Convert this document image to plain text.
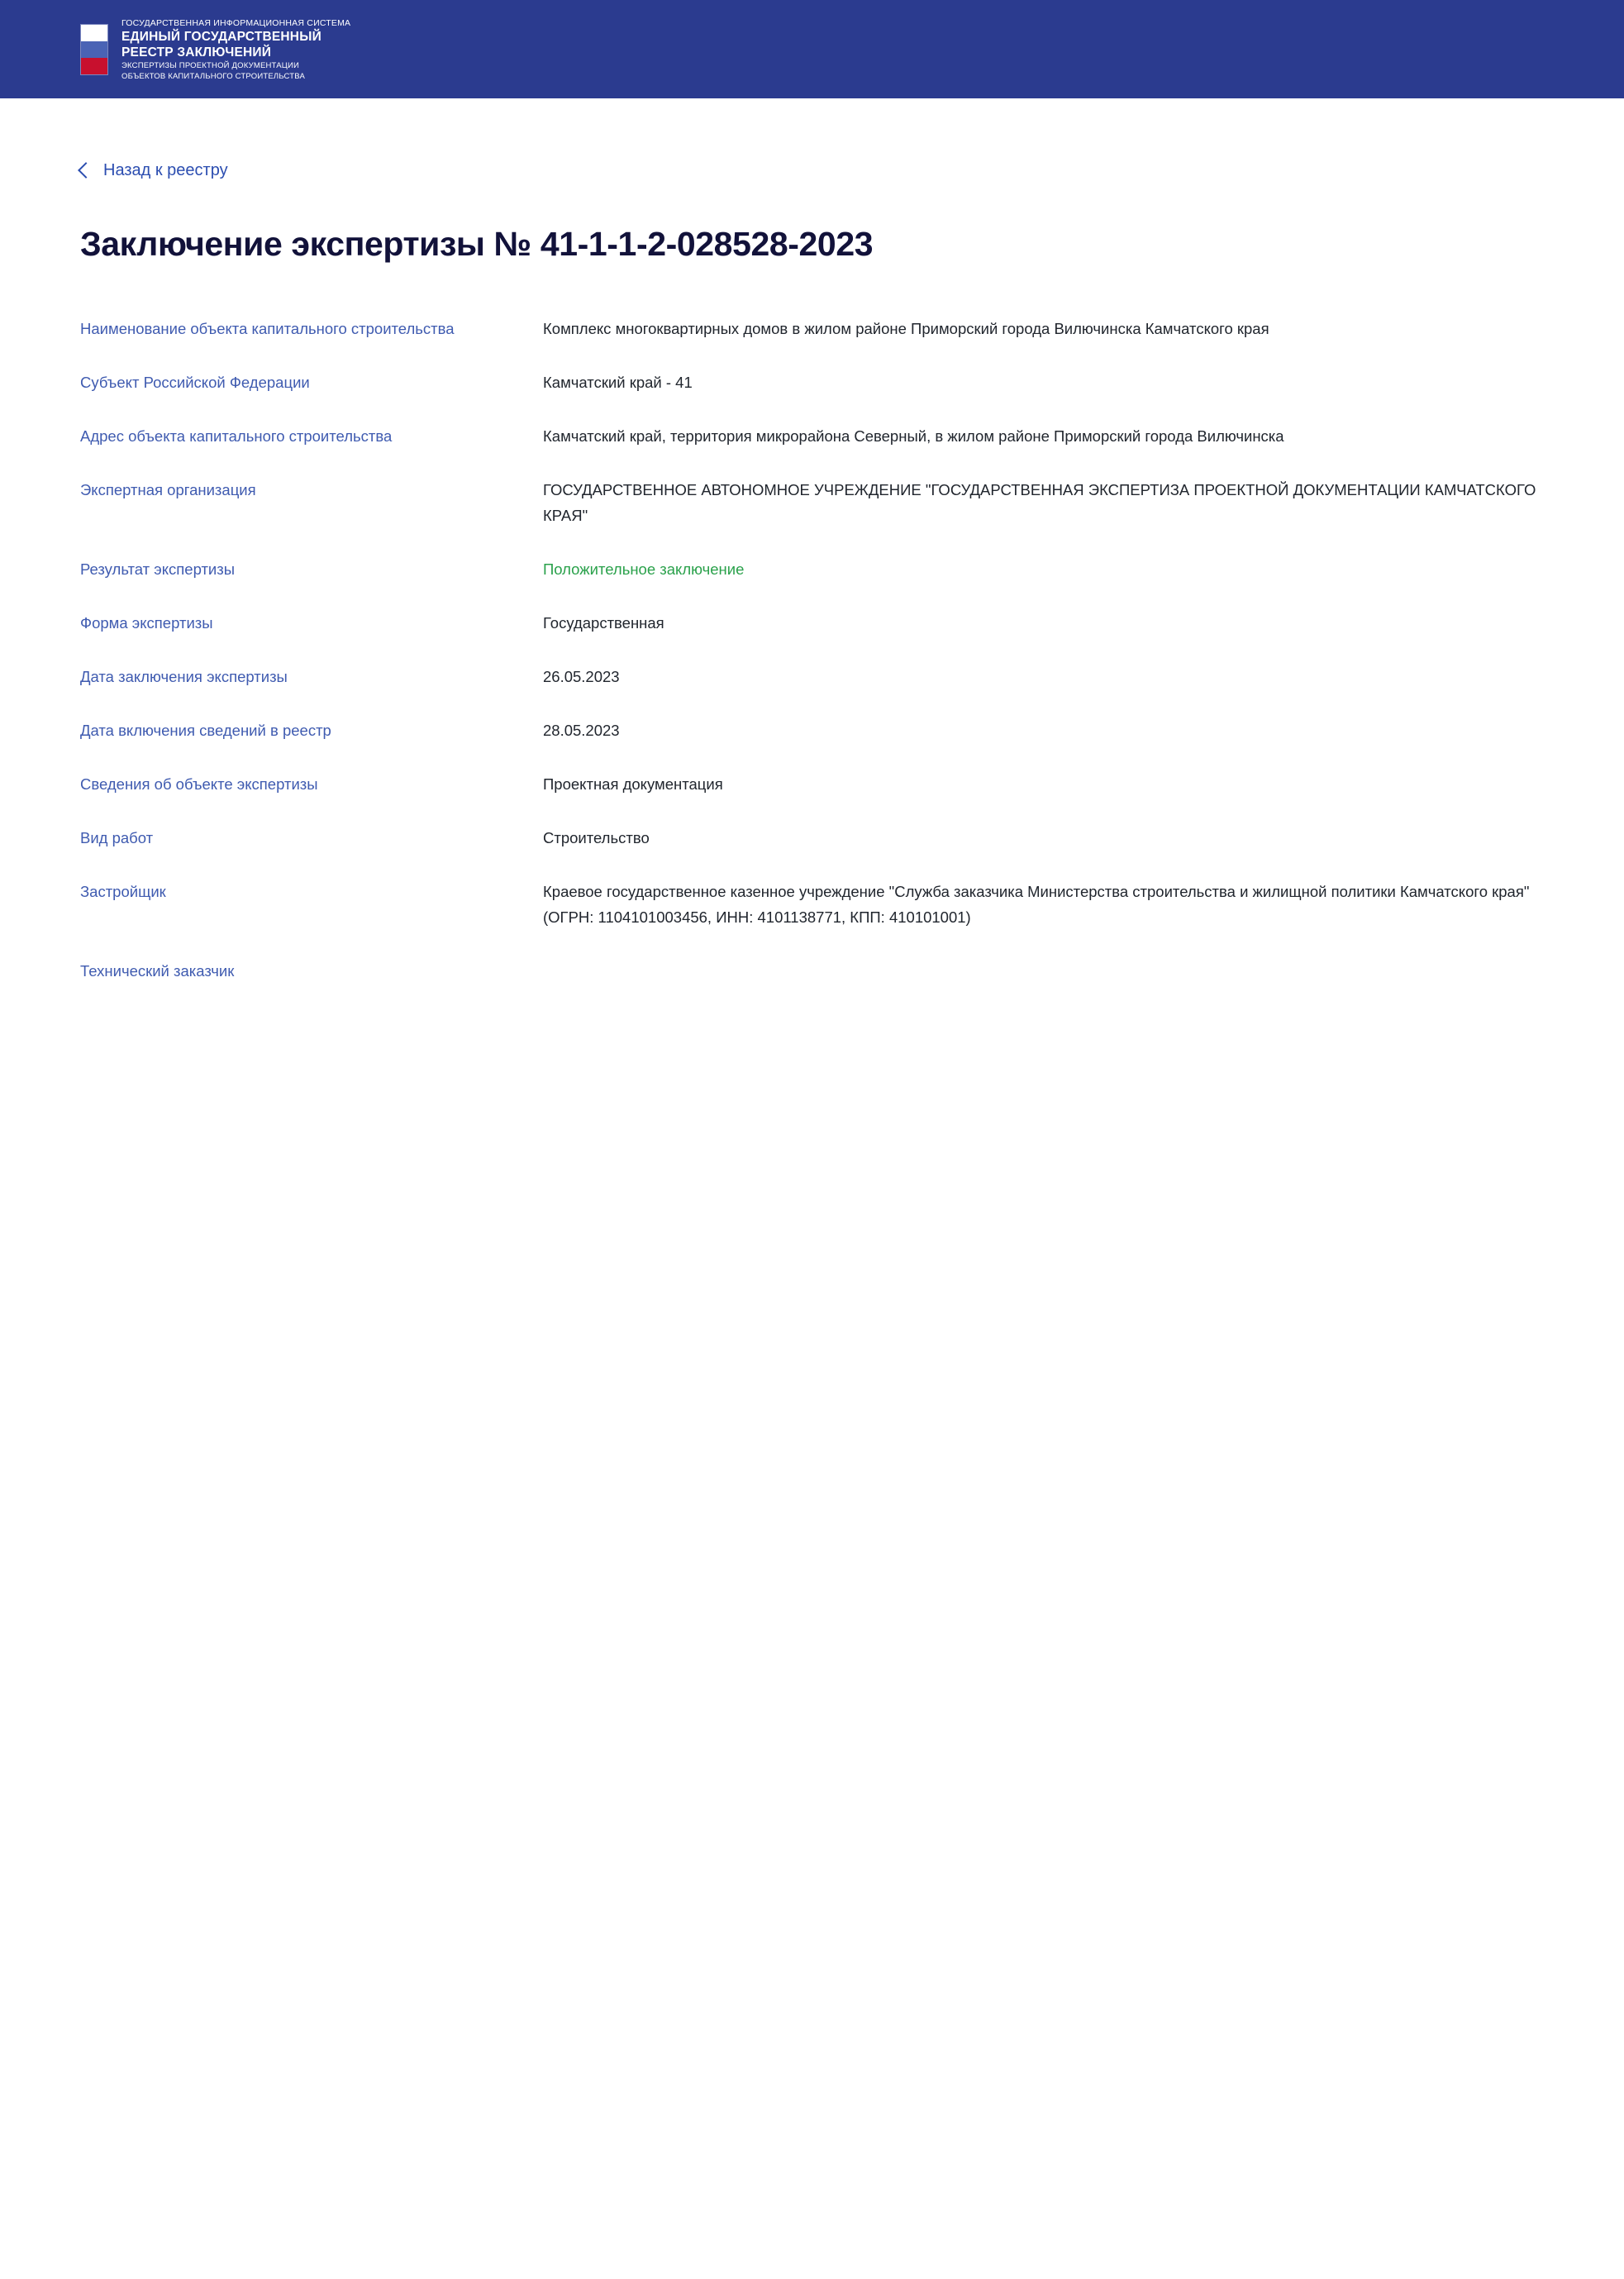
ГОСУДАРСТВЕННАЯ ИНФОРМАЦИОННАЯ СИСТЕМА
ЕДИНЫЙ ГОСУДАРСТВЕННЫЙ
РЕЕСТР ЗАКЛЮЧЕНИЙ
ЭКСПЕРТИЗЫ ПРОЕКТНОЙ ДОКУМЕНТАЦИИ
ОБЪЕКТОВ КАПИТАЛЬНОГО СТРОИТЕЛЬСТВА
Назад к реестру
Заключение экспертизы № 41-1-1-2-028528-2023
Наименование объекта капитального строительства	Комплекс многоквартирных домов в жилом районе Приморский города Вилючинска Камчатского края
Субъект Российской Федерации	Камчатский край - 41
Адрес объекта капитального строительства	Камчатский край, территория микрорайона Северный, в жилом районе Приморский города Вилючинска
Экспертная организация	ГОСУДАРСТВЕННОЕ АВТОНОМНОЕ УЧРЕЖДЕНИЕ "ГОСУДАРСТВЕННАЯ ЭКСПЕРТИЗА ПРОЕКТНОЙ ДОКУМЕНТАЦИИ КАМЧАТСКОГО КРАЯ"
Результат экспертизы	Положительное заключение
Форма экспертизы	Государственная
Дата заключения экспертизы	26.05.2023
Дата включения сведений в реестр	28.05.2023
Сведения об объекте экспертизы	Проектная документация
Вид работ	Строительство
Застройщик	Краевое государственное казенное учреждение "Служба заказчика Министерства строительства и жилищной политики Камчатского края" (ОГРН: 1104101003456, ИНН: 4101138771, КПП: 410101001)
Технический заказчик
